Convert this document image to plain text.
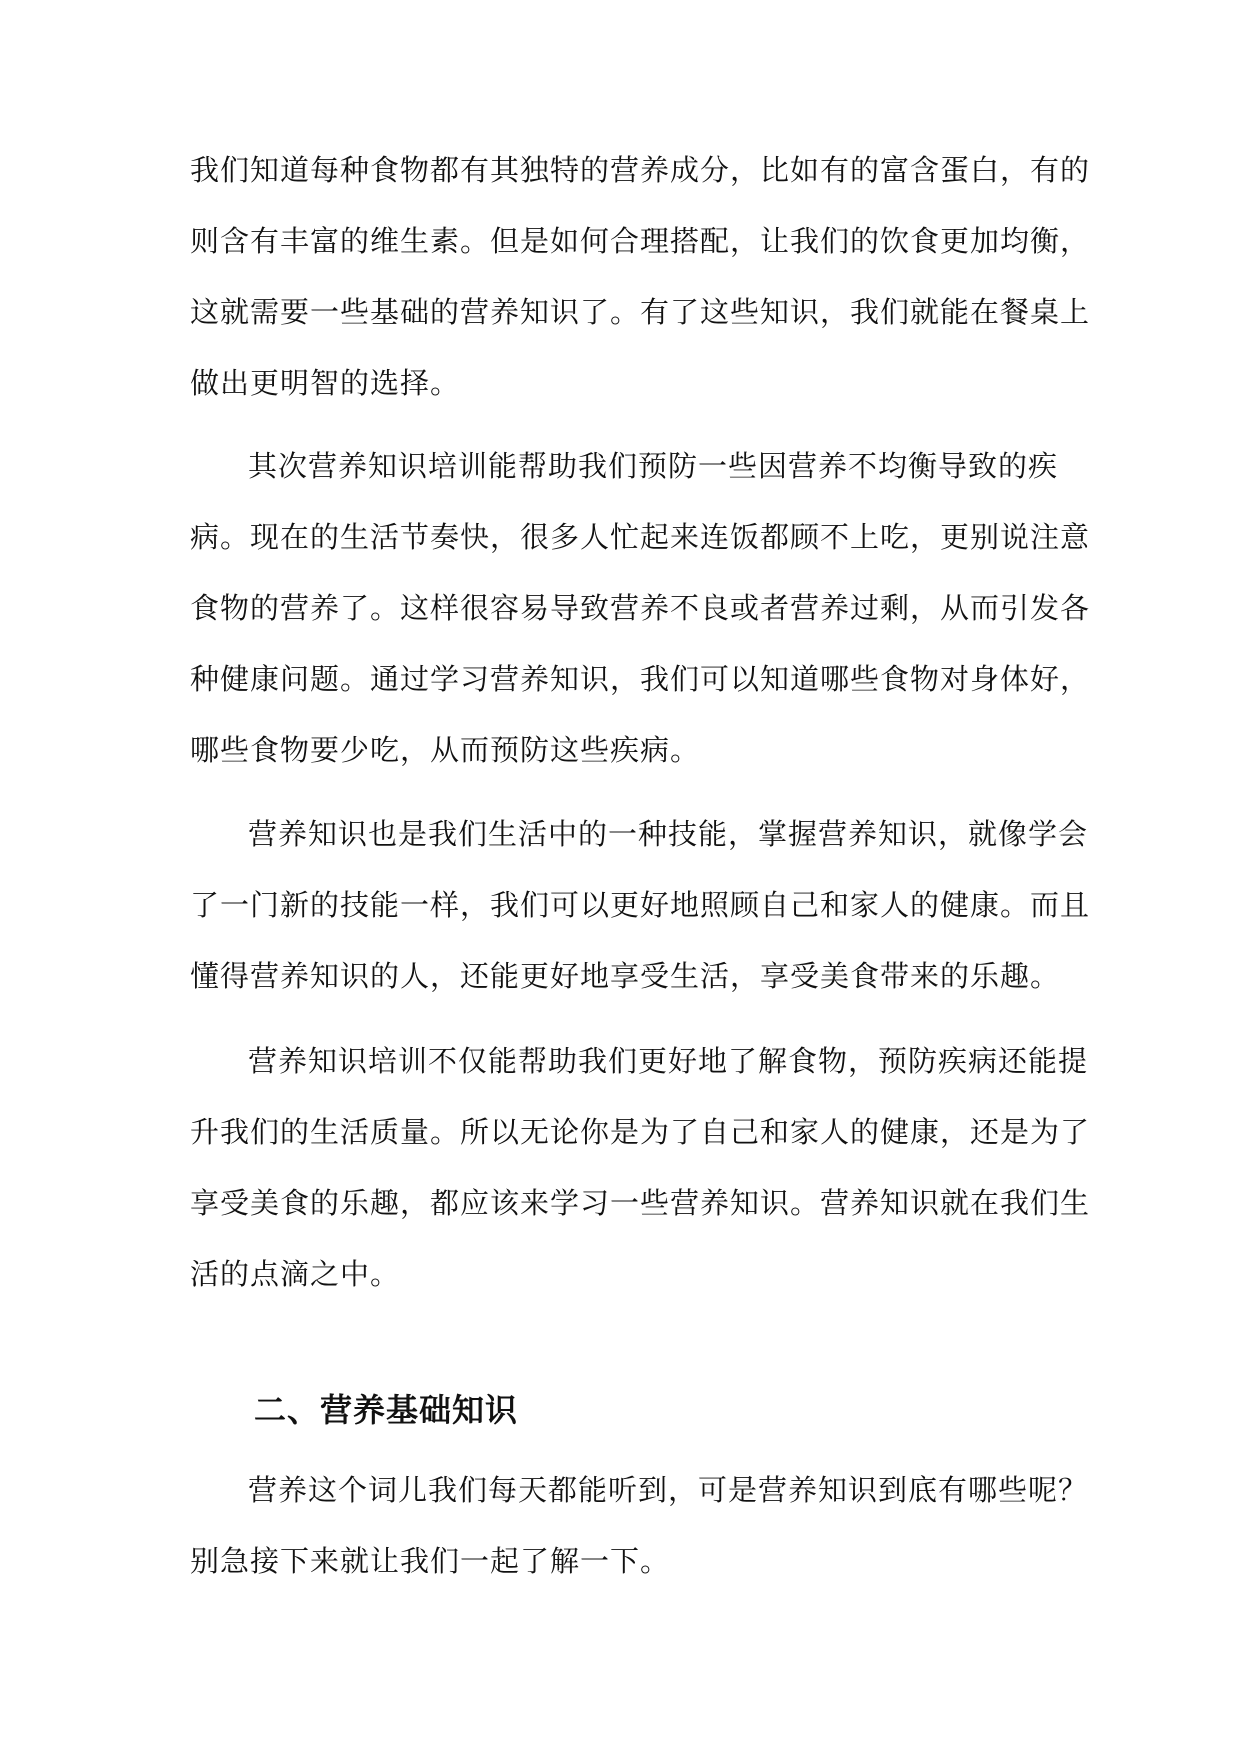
我们知道每种食物都有其独特的营养成分，比如有的富含蛋白，有的
则含有丰富的维生素。但是如何合理搭配，让我们的饮食更加均衡，
这就需要一些基础的营养知识了。有了这些知识，我们就能在餐桌上
做出更明智的选择。
其次营养知识培训能帮助我们预防一些因营养不均衡导致的疾
病。现在的生活节奏快，很多人忙起来连饭都顾不上吃，更别说注意
食物的营养了。这样很容易导致营养不良或者营养过剩，从而引发各
种健康问题。通过学习营养知识，我们可以知道哪些食物对身体好，
哪些食物要少吃，从而预防这些疾病。
营养知识也是我们生活中的一种技能，掌握营养知识，就像学会
了一门新的技能一样，我们可以更好地照顾自己和家人的健康。而且
懂得营养知识的人，还能更好地享受生活，享受美食带来的乐趣。
营养知识培训不仅能帮助我们更好地了解食物，预防疾病还能提
升我们的生活质量。所以无论你是为了自己和家人的健康，还是为了
享受美食的乐趣，都应该来学习一些营养知识。营养知识就在我们生
活的点滴之中。
二、营养基础知识
营养这个词儿我们每天都能听到，可是营养知识到底有哪些呢？
别急接下来就让我们一起了解一下。
